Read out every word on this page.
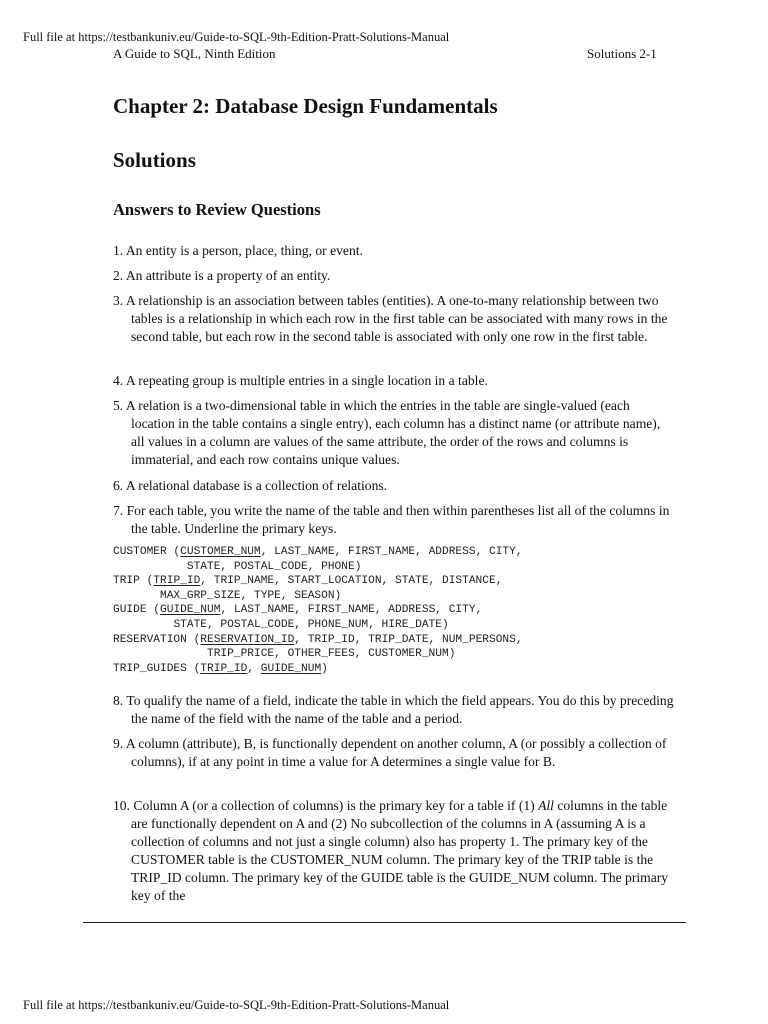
Full file at https://testbankuniv.eu/Guide-to-SQL-9th-Edition-Pratt-Solutions-Manual
A Guide to SQL, Ninth Edition	Solutions 2-1
Chapter 2: Database Design Fundamentals
Solutions
Answers to Review Questions
1. An entity is a person, place, thing, or event.
2. An attribute is a property of an entity.
3. A relationship is an association between tables (entities). A one-to-many relationship between two tables is a relationship in which each row in the first table can be associated with many rows in the second table, but each row in the second table is associated with only one row in the first table.
4. A repeating group is multiple entries in a single location in a table.
5. A relation is a two-dimensional table in which the entries in the table are single-valued (each location in the table contains a single entry), each column has a distinct name (or attribute name), all values in a column are values of the same attribute, the order of the rows and columns is immaterial, and each row contains unique values.
6. A relational database is a collection of relations.
7. For each table, you write the name of the table and then within parentheses list all of the columns in the table. Underline the primary keys.
CUSTOMER (CUSTOMER_NUM, LAST_NAME, FIRST_NAME, ADDRESS, CITY,
STATE, POSTAL_CODE, PHONE)
TRIP (TRIP_ID, TRIP_NAME, START_LOCATION, STATE, DISTANCE,
MAX_GRP_SIZE, TYPE, SEASON)
GUIDE (GUIDE_NUM, LAST_NAME, FIRST_NAME, ADDRESS, CITY,
STATE, POSTAL_CODE, PHONE_NUM, HIRE_DATE)
RESERVATION (RESERVATION_ID, TRIP_ID, TRIP_DATE, NUM_PERSONS,
TRIP_PRICE, OTHER_FEES, CUSTOMER_NUM)
TRIP_GUIDES (TRIP_ID, GUIDE_NUM)
8. To qualify the name of a field, indicate the table in which the field appears. You do this by preceding the name of the field with the name of the table and a period.
9. A column (attribute), B, is functionally dependent on another column, A (or possibly a collection of columns), if at any point in time a value for A determines a single value for B.
10. Column A (or a collection of columns) is the primary key for a table if (1) All columns in the table are functionally dependent on A and (2) No subcollection of the columns in A (assuming A is a collection of columns and not just a single column) also has property 1. The primary key of the CUSTOMER table is the CUSTOMER_NUM column. The primary key of the TRIP table is the TRIP_ID column. The primary key of the GUIDE table is the GUIDE_NUM column. The primary key of the
Full file at https://testbankuniv.eu/Guide-to-SQL-9th-Edition-Pratt-Solutions-Manual
